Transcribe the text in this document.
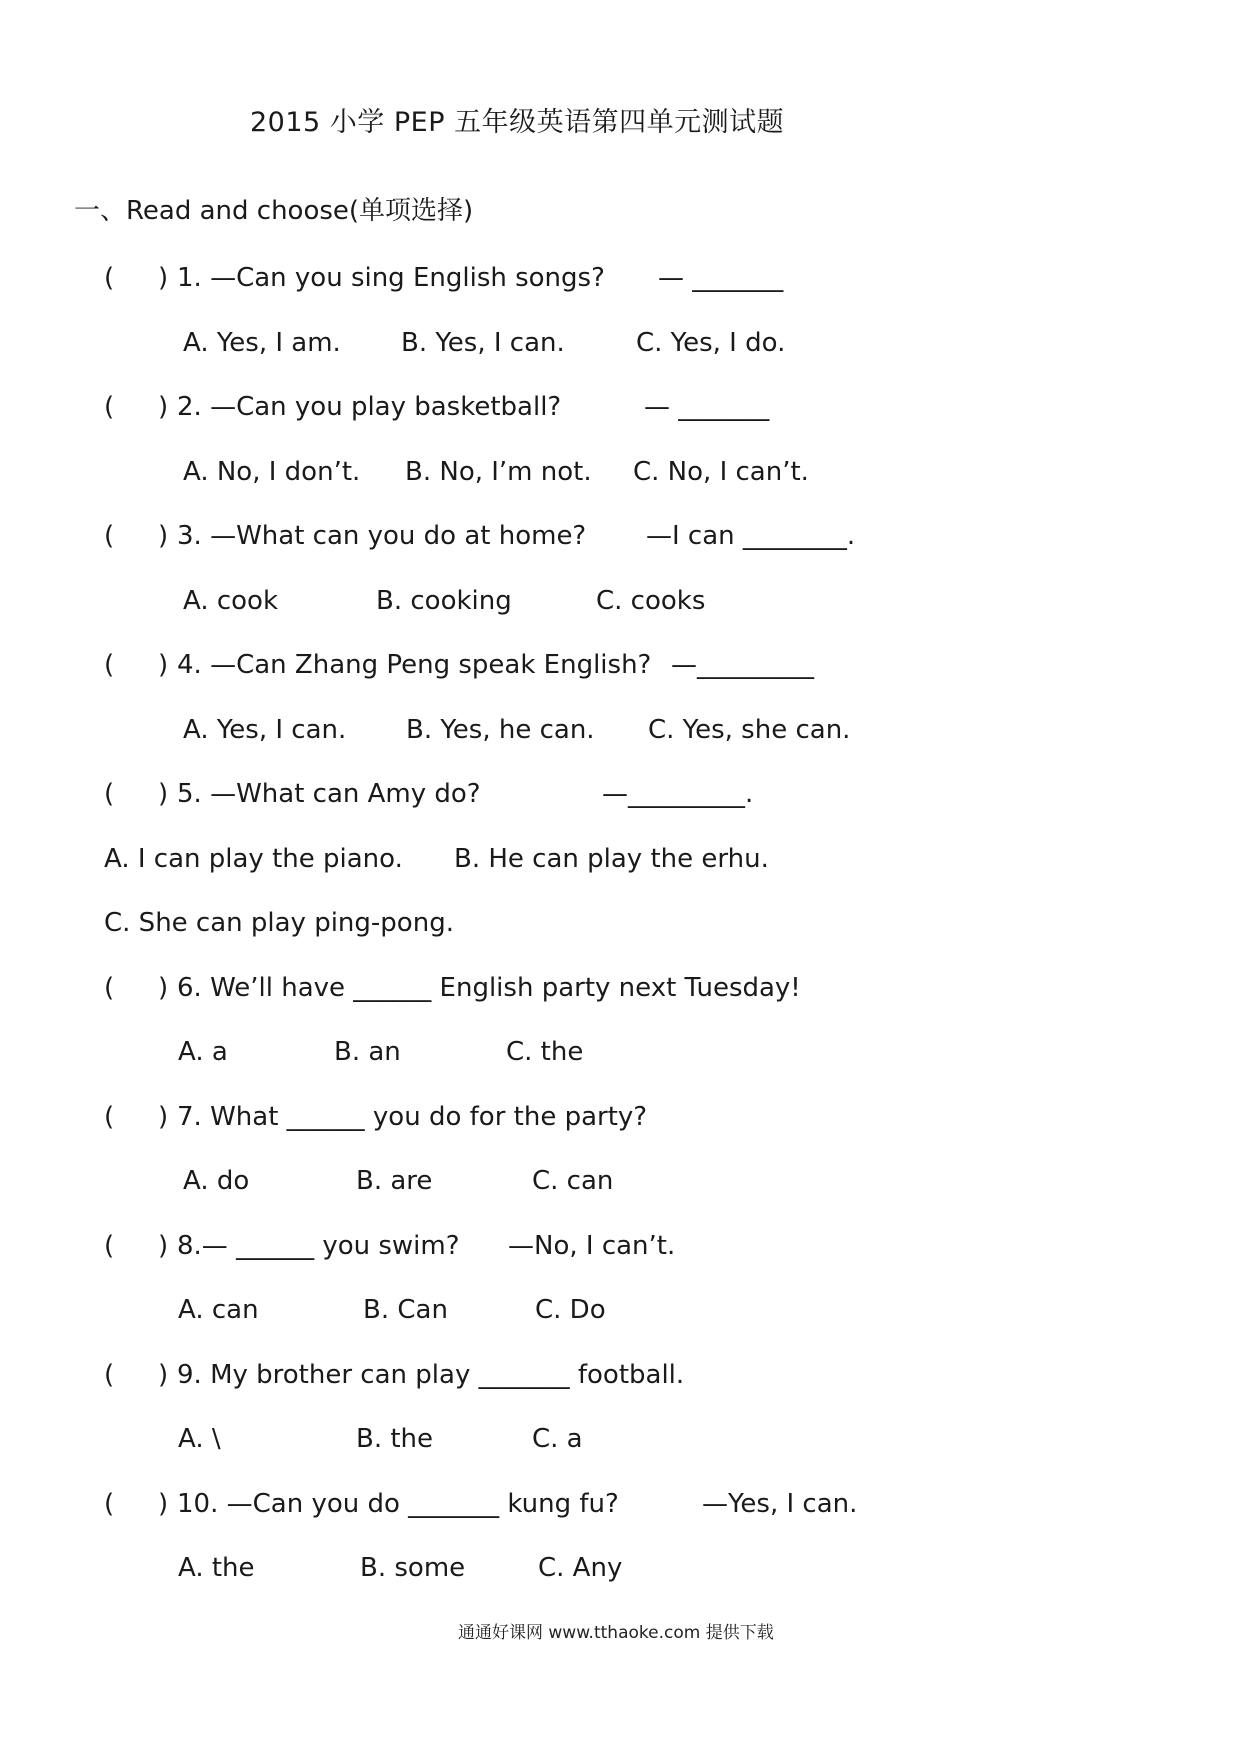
2015 小学 PEP 五年级英语第四单元测试题
一、Read and choose(单项选择)
( ) 1. —Can you sing English songs? — _______
A. Yes, I am. B. Yes, I can.	C. Yes, I do.
( ) 2. —Can you play basketball?	— _______
A. No, I don’t. B. No, I’m not. C. No, I can’t.
( ) 3. —What can you do at home? —I can ________.
A. cook	B. cooking	C. cooks
( ) 4. —Can Zhang Peng speak English? —_________
A. Yes, I can. B. Yes, he can. C. Yes, she can.
( ) 5. —What can Amy do?	—_________.
A. I can play the piano. B. He can play the erhu.
C. She can play ping-pong.
( ) 6. We’ll have ______ English party next Tuesday!
A. a	B. an	C. the
( ) 7. What ______ you do for the party?
A. do	B. are	C. can
( ) 8.— ______ you swim? —No, I can’t.
A. can	B. Can	C. Do
( ) 9. My brother can play _______ football.
A. \	B. the	C. a
( ) 10. —Can you do _______ kung fu?	—Yes, I can.
A. the	B. some	C. Any
通通好课网 www.tthaoke.com 提供下载
